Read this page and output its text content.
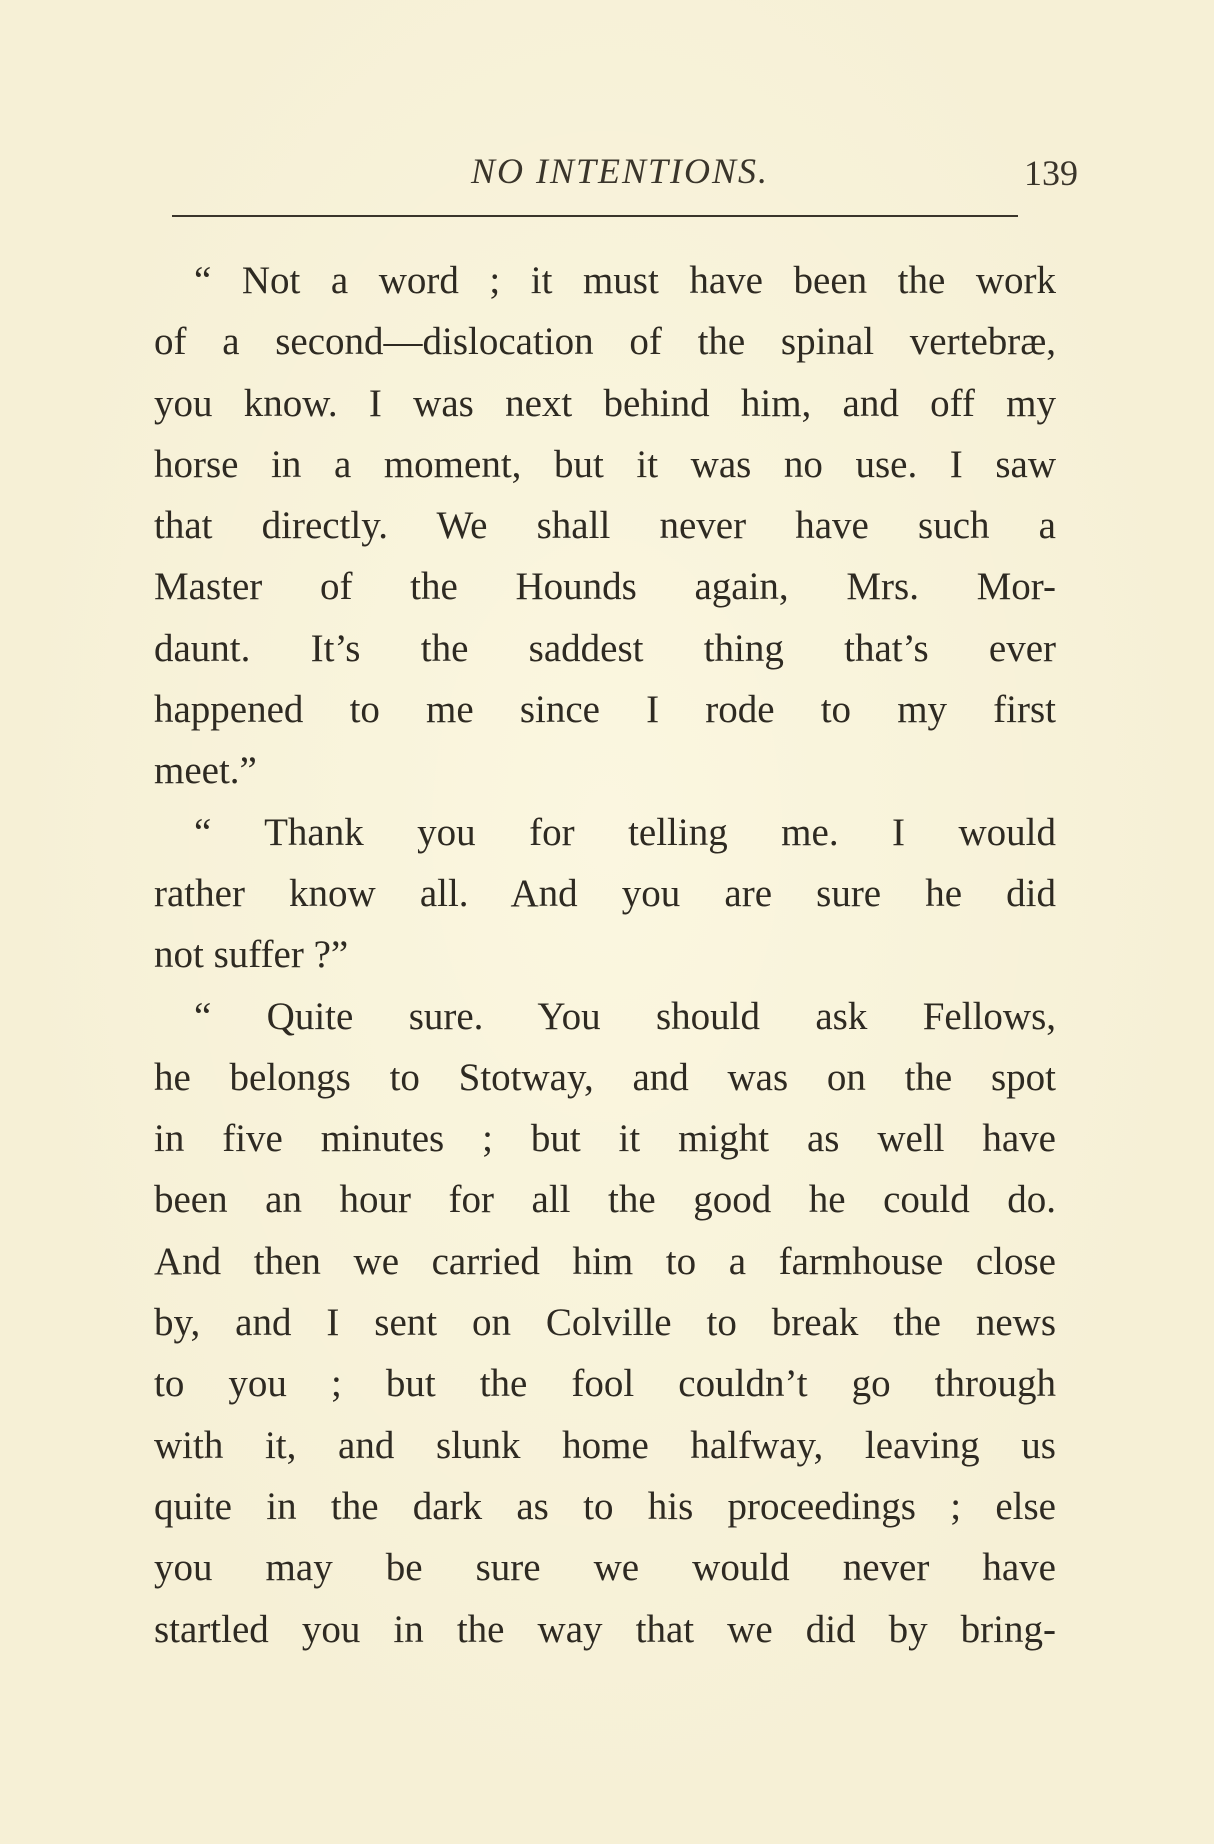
NO INTENTIONS.	139
“ Not a word ; it must have been the work
of a second—dislocation of the spinal vertebræ,
you know. I was next behind him, and off my
horse in a moment, but it was no use. I saw
that directly. We shall never have such a
Master of the Hounds again, Mrs. Mor-
daunt. It’s the saddest thing that’s ever
happened to me since I rode to my first
meet.”
“ Thank you for telling me. I would
rather know all. And you are sure he did
not suffer ?”
“ Quite sure. You should ask Fellows,
he belongs to Stotway, and was on the spot
in five minutes ; but it might as well have
been an hour for all the good he could do.
And then we carried him to a farmhouse close
by, and I sent on Colville to break the news
to you ; but the fool couldn’t go through
with it, and slunk home halfway, leaving us
quite in the dark as to his proceedings ; else
you may be sure we would never have
startled you in the way that we did by bring-
